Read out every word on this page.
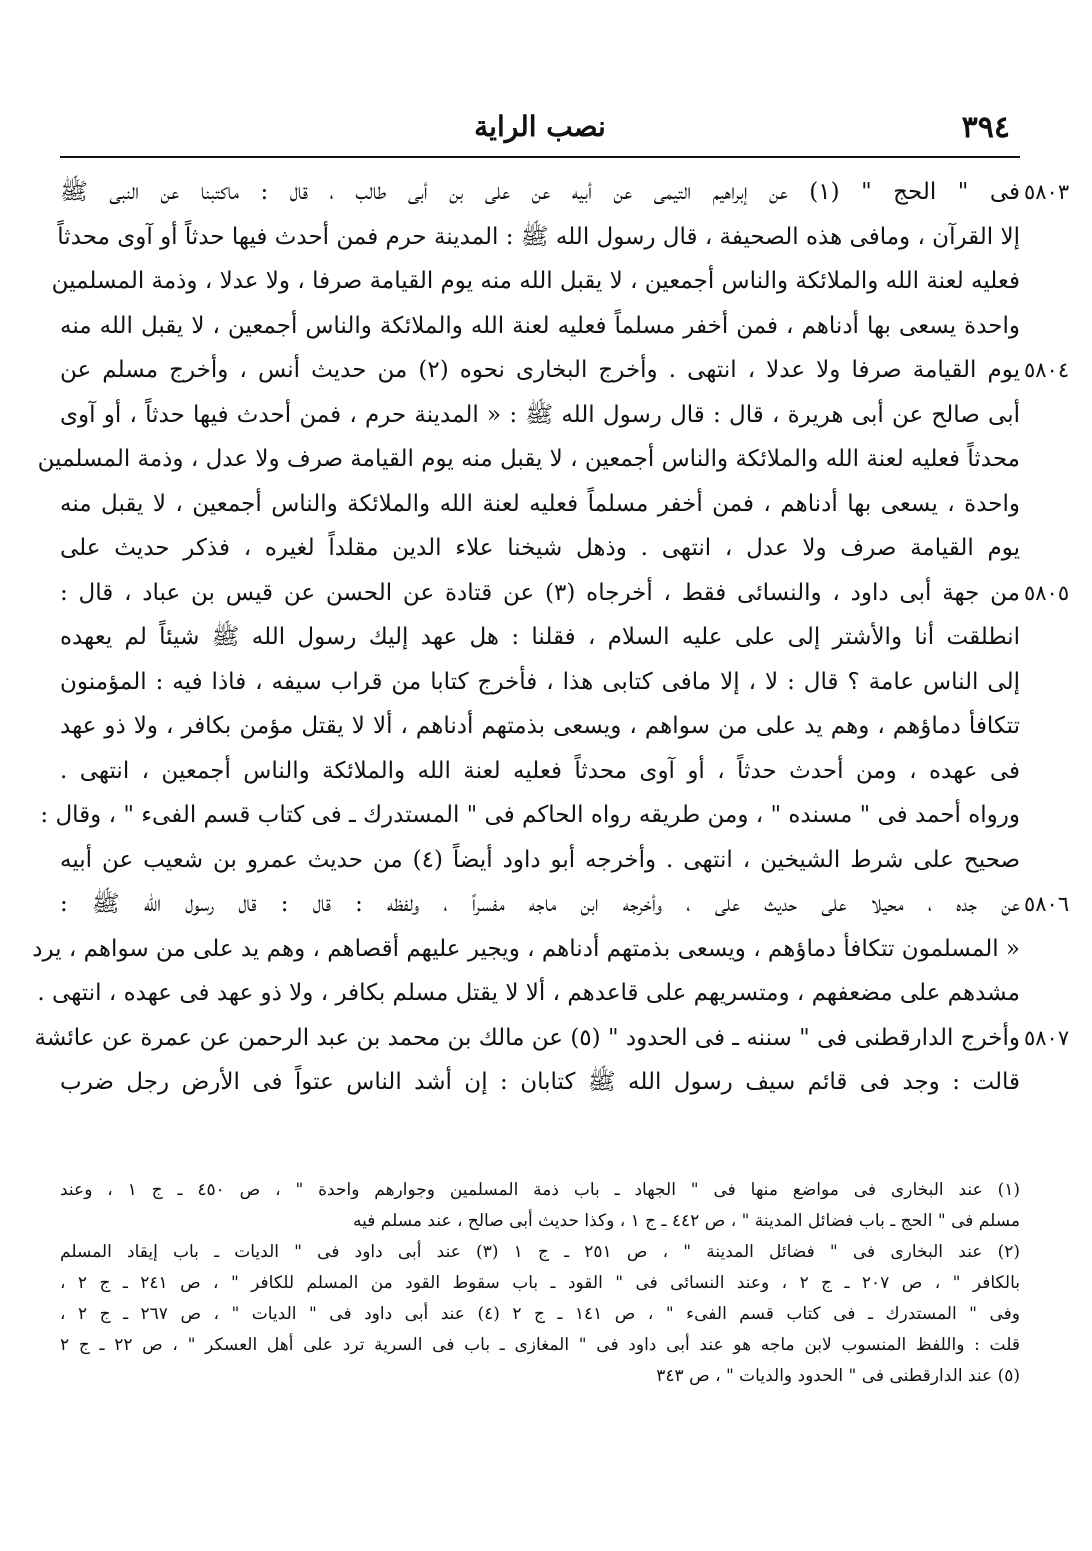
٣٩٤
نصب الراية
٥٨٠٣
فى " الحج " (١) عن إبراهيم التيمى عن أبيه عن على بن أبى طالب ، قال : ماكتبنا عن النبى ﷺ
إلا القرآن ، ومافى هذه الصحيفة ، قال رسول الله ﷺ : المدينة حرم فمن أحدث فيها حدثاً أو آوى محدثاً
فعليه لعنة الله والملائكة والناس أجمعين ، لا يقبل الله منه يوم القيامة صرفا ، ولا عدلا ، وذمة المسلمين
واحدة يسعى بها أدناهم ، فمن أخفر مسلماً فعليه لعنة الله والملائكة والناس أجمعين ، لا يقبل الله منه
٥٨٠٤
يوم القيامة صرفا ولا عدلا ، انتهى . وأخرج البخارى نحوه (٢) من حديث أنس ، وأخرج مسلم عن
أبى صالح عن أبى هريرة ، قال : قال رسول الله ﷺ : « المدينة حرم ، فمن أحدث فيها حدثاً ، أو آوى
محدثاً فعليه لعنة الله والملائكة والناس أجمعين ، لا يقبل منه يوم القيامة صرف ولا عدل ، وذمة المسلمين
واحدة ، يسعى بها أدناهم ، فمن أخفر مسلماً فعليه لعنة الله والملائكة والناس أجمعين ، لا يقبل منه
يوم القيامة صرف ولا عدل ، انتهى . وذهل شيخنا علاء الدين مقلداً لغيره ، فذكر حديث على
٥٨٠٥
من جهة أبى داود ، والنسائى فقط ، أخرجاه (٣) عن قتادة عن الحسن عن قيس بن عباد ، قال :
انطلقت أنا والأشتر إلى على عليه السلام ، فقلنا : هل عهد إليك رسول الله ﷺ شيئاً لم يعهده
إلى الناس عامة ؟ قال : لا ، إلا مافى كتابى هذا ، فأخرج كتابا من قراب سيفه ، فاذا فيه : المؤمنون
تتكافأ دماؤهم ، وهم يد على من سواهم ، ويسعى بذمتهم أدناهم ، ألا لا يقتل مؤمن بكافر ، ولا ذو عهد
فى عهده ، ومن أحدث حدثاً ، أو آوى محدثاً فعليه لعنة الله والملائكة والناس أجمعين ، انتهى .
ورواه أحمد فى " مسنده " ، ومن طريقه رواه الحاكم فى " المستدرك ـ فى كتاب قسم الفىء " ، وقال :
صحيح على شرط الشيخين ، انتهى . وأخرجه أبو داود أيضاً (٤) من حديث عمرو بن شعيب عن أبيه
٥٨٠٦
عن جده ، محيلا على حديث على ، وأخرجه ابن ماجه مفسراً ، ولفظه : قال : قال رسول الله ﷺ :
« المسلمون تتكافأ دماؤهم ، ويسعى بذمتهم أدناهم ، ويجير عليهم أقصاهم ، وهم يد على من سواهم ، يرد
مشدهم على مضعفهم ، ومتسريهم على قاعدهم ، ألا لا يقتل مسلم بكافر ، ولا ذو عهد فى عهده ، انتهى .
٥٨٠٧
وأخرج الدارقطنى فى " سننه ـ فى الحدود " (٥) عن مالك بن محمد بن عبد الرحمن عن عمرة عن عائشة
قالت : وجد فى قائم سيف رسول الله ﷺ كتابان : إن أشد الناس عتواً فى الأرض رجل ضرب
(١) عند البخارى فى مواضع منها فى " الجهاد ـ باب ذمة المسلمين وجوارهم واحدة " ، ص ٤٥٠ ـ ج ١ ، وعند
مسلم فى " الحج ـ باب فضائل المدينة " ، ص ٤٤٢ ـ ج ١ ، وكذا حديث أبى صالح ، عند مسلم فيه
(٢) عند البخارى فى " فضائل المدينة " ، ص ٢٥١ ـ ج ١ (٣) عند أبى داود فى " الديات ـ باب إيقاد المسلم
بالكافر " ، ص ٢٠٧ ـ ج ٢ ، وعند النسائى فى " القود ـ باب سقوط القود من المسلم للكافر " ، ص ٢٤١ ـ ج ٢ ،
وفى " المستدرك ـ فى كتاب قسم الفىء " ، ص ١٤١ ـ ج ٢ (٤) عند أبى داود فى " الديات " ، ص ٢٦٧ ـ ج ٢ ،
قلت : واللفظ المنسوب لابن ماجه هو عند أبى داود فى " المغازى ـ باب فى السرية ترد على أهل العسكر " ، ص ٢٢ ـ ج ٢
(٥) عند الدارقطنى فى " الحدود والديات " ، ص ٣٤٣
